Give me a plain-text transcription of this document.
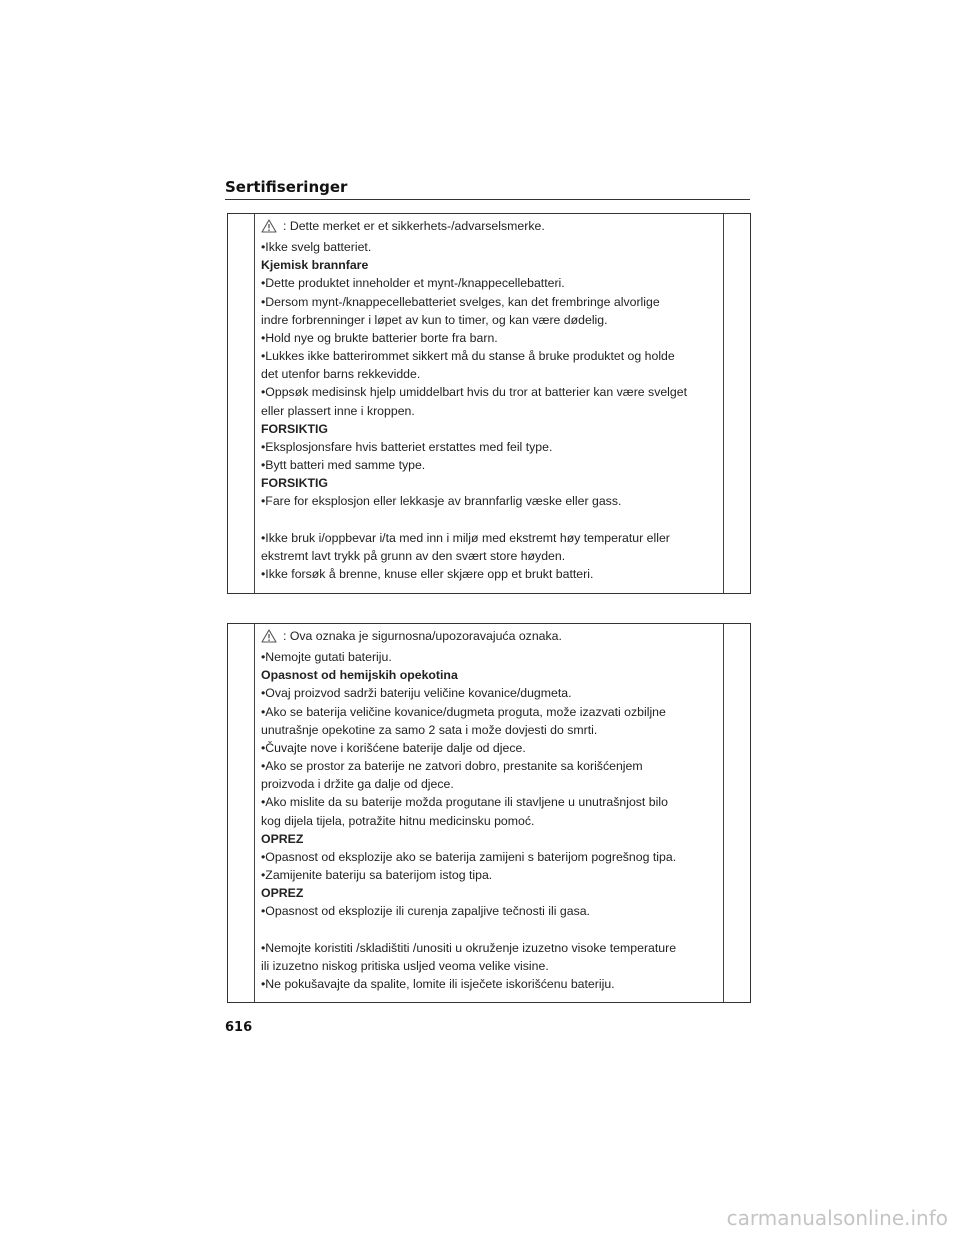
Sertifiseringer
: Dette merket er et sikkerhets-/advarselsmerke.
•Ikke svelg batteriet.
Kjemisk brannfare
•Dette produktet inneholder et mynt-/knappecellebatteri.
•Dersom mynt-/knappecellebatteriet svelges, kan det frembringe alvorlige
indre forbrenninger i løpet av kun to timer, og kan være dødelig.
•Hold nye og brukte batterier borte fra barn.
•Lukkes ikke batterirommet sikkert må du stanse å bruke produktet og holde
det utenfor barns rekkevidde.
•Oppsøk medisinsk hjelp umiddelbart hvis du tror at batterier kan være svelget
eller plassert inne i kroppen.
FORSIKTIG
•Eksplosjonsfare hvis batteriet erstattes med feil type.
•Bytt batteri med samme type.
FORSIKTIG
•Fare for eksplosjon eller lekkasje av brannfarlig væske eller gass.
•Ikke bruk i/oppbevar i/ta med inn i miljø med ekstremt høy temperatur eller
ekstremt lavt trykk på grunn av den svært store høyden.
•Ikke forsøk å brenne, knuse eller skjære opp et brukt batteri.
: Ova oznaka je sigurnosna/upozoravajuća oznaka.
•Nemojte gutati bateriju.
Opasnost od hemijskih opekotina
•Ovaj proizvod sadrži bateriju veličine kovanice/dugmeta.
•Ako se baterija veličine kovanice/dugmeta proguta, može izazvati ozbiljne
unutrašnje opekotine za samo 2 sata i može dovjesti do smrti.
•Čuvajte nove i korišćene baterije dalje od djece.
•Ako se prostor za baterije ne zatvori dobro, prestanite sa korišćenjem
proizvoda i držite ga dalje od djece.
•Ako mislite da su baterije možda progutane ili stavljene u unutrašnjost bilo
kog dijela tijela, potražite hitnu medicinsku pomoć.
OPREZ
•Opasnost od eksplozije ako se baterija zamijeni s baterijom pogrešnog tipa.
•Zamijenite bateriju sa baterijom istog tipa.
OPREZ
•Opasnost od eksplozije ili curenja zapaljive tečnosti ili gasa.
•Nemojte koristiti /skladištiti /unositi u okruženje izuzetno visoke temperature
ili izuzetno niskog pritiska usljed veoma velike visine.
•Ne pokušavajte da spalite, lomite ili isječete iskorišćenu bateriju.
616
carmanualsonline.info
